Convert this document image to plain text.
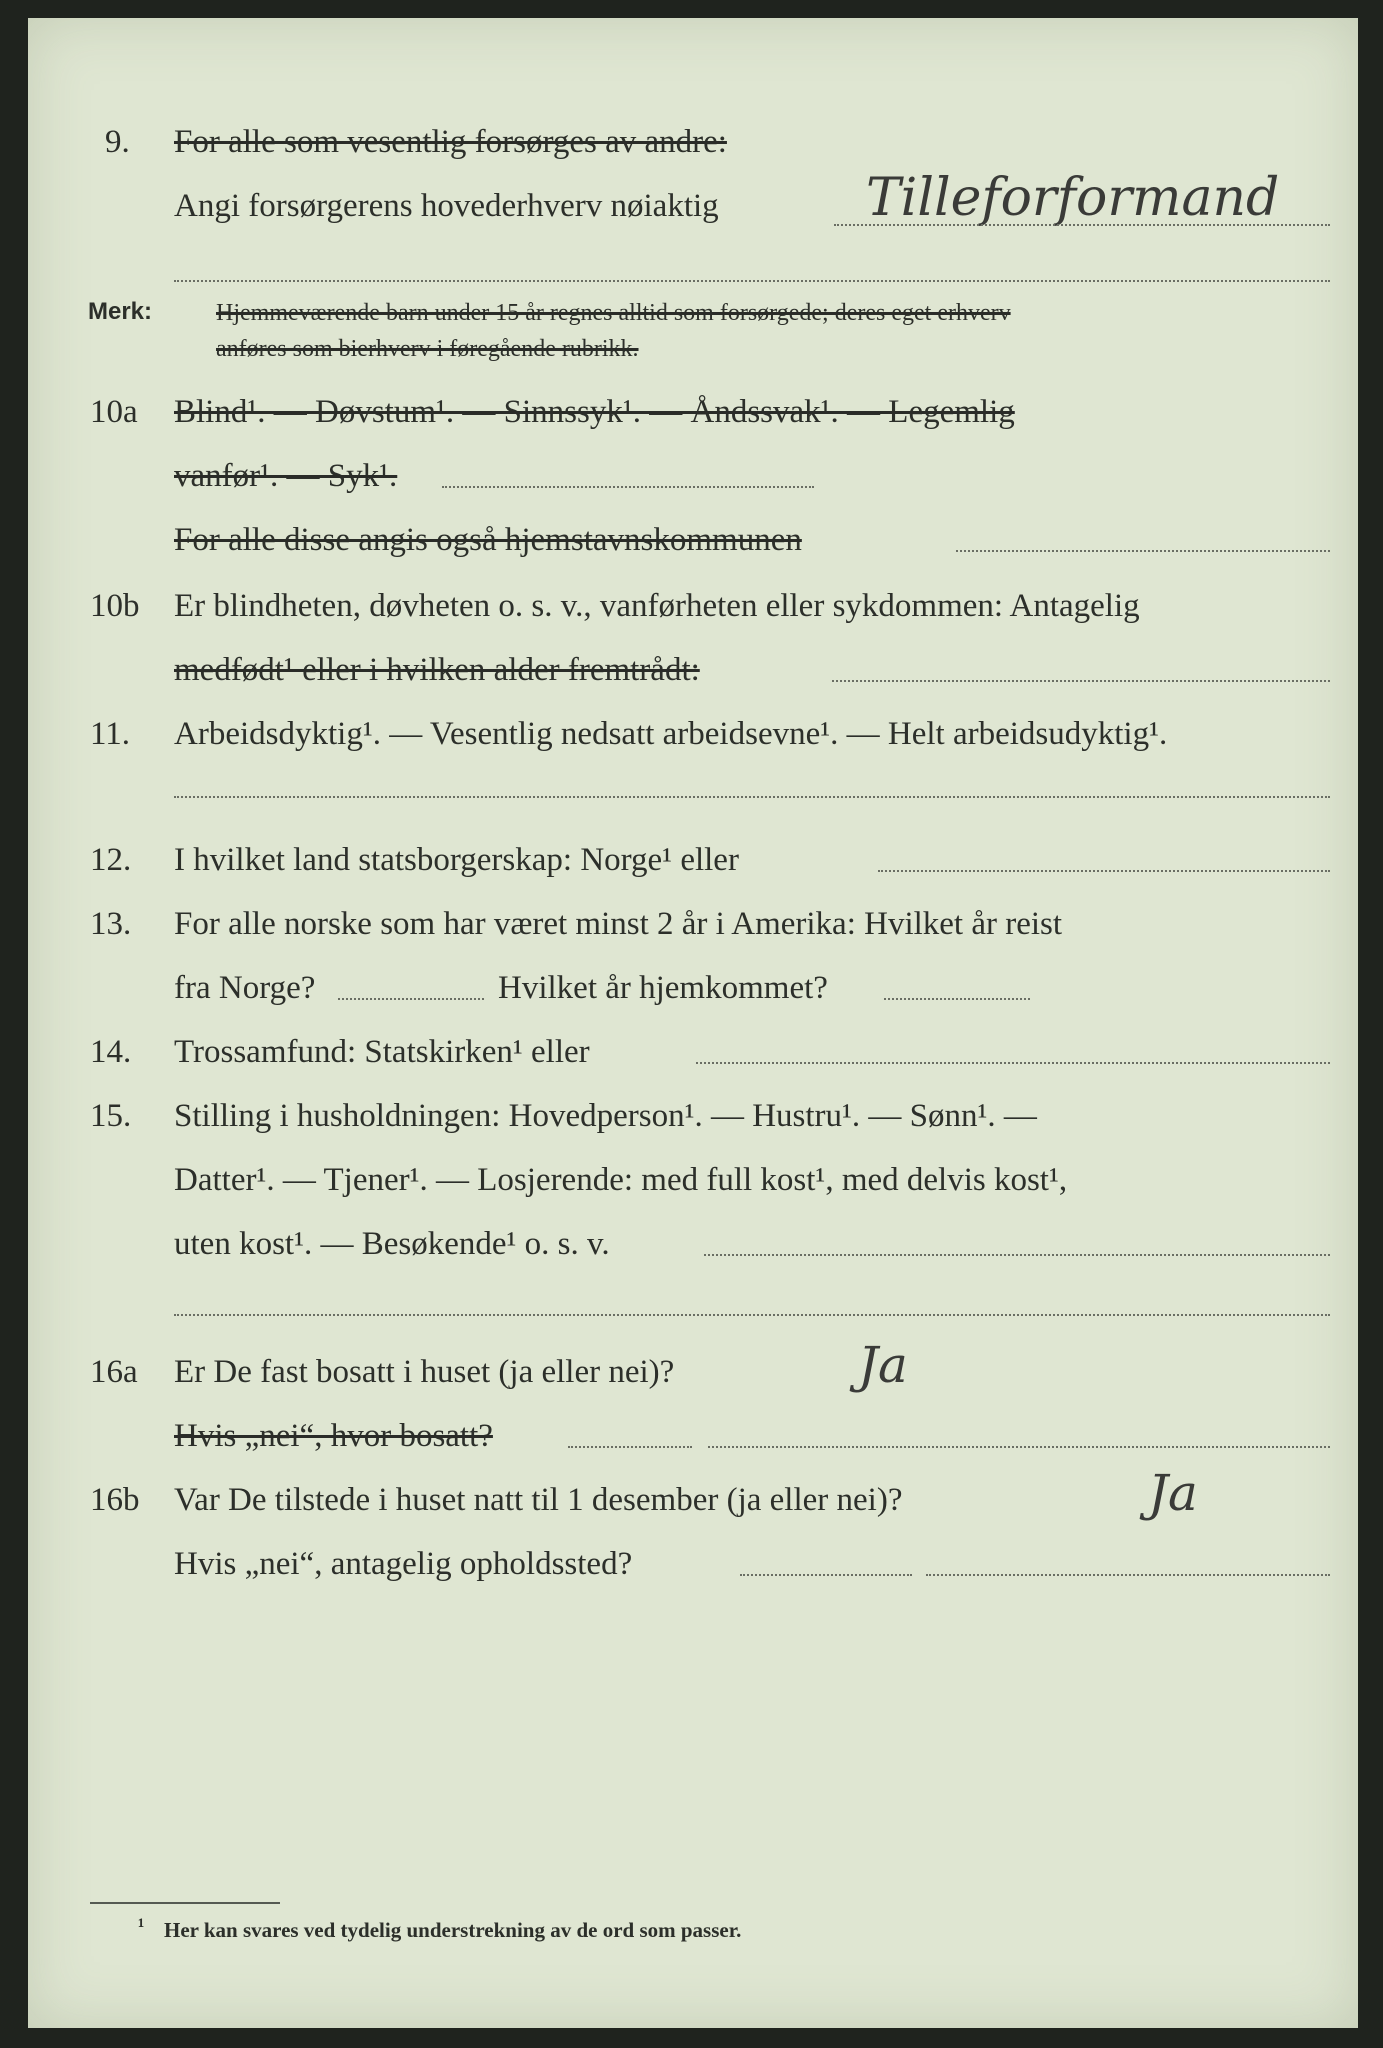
9. For alle som vesentlig forsørges av andre:
Angi forsørgerens hovederhverv nøiaktig	Tilleforformand
Merk:	Hjemmeværende barn under 15 år regnes alltid som forsørgede; deres eget erhverv
anføres som bierhverv i føregående rubrikk.
10a Blind¹. — Døvstum¹. — Sinnssyk¹. — Åndssvak¹. — Legemlig
vanfør¹. — Syk¹.
For alle disse angis også hjemstavnskommunen
10b Er blindheten, døvheten o. s. v., vanførheten eller sykdommen: Antagelig
medfødt¹ eller i hvilken alder fremtrådt:
11. Arbeidsdyktig¹. — Vesentlig nedsatt arbeidsevne¹. — Helt arbeidsudyktig¹.
12. I hvilket land statsborgerskap: Norge¹ eller
13. For alle norske som har været minst 2 år i Amerika: Hvilket år reist
fra Norge?	Hvilket år hjemkommet?
14. Trossamfund: Statskirken¹ eller
15. Stilling i husholdningen: Hovedperson¹. — Hustru¹. — Sønn¹. —
Datter¹. — Tjener¹. — Losjerende: med full kost¹, med delvis kost¹,
uten kost¹. — Besøkende¹ o. s. v.
16a Er De fast bosatt i huset (ja eller nei)?	Ja
Hvis „nei“, hvor bosatt?
16b Var De tilstede i huset natt til 1 desember (ja eller nei)?	Ja
Hvis „nei“, antagelig opholdssted?
¹ Her kan svares ved tydelig understrekning av de ord som passer.
